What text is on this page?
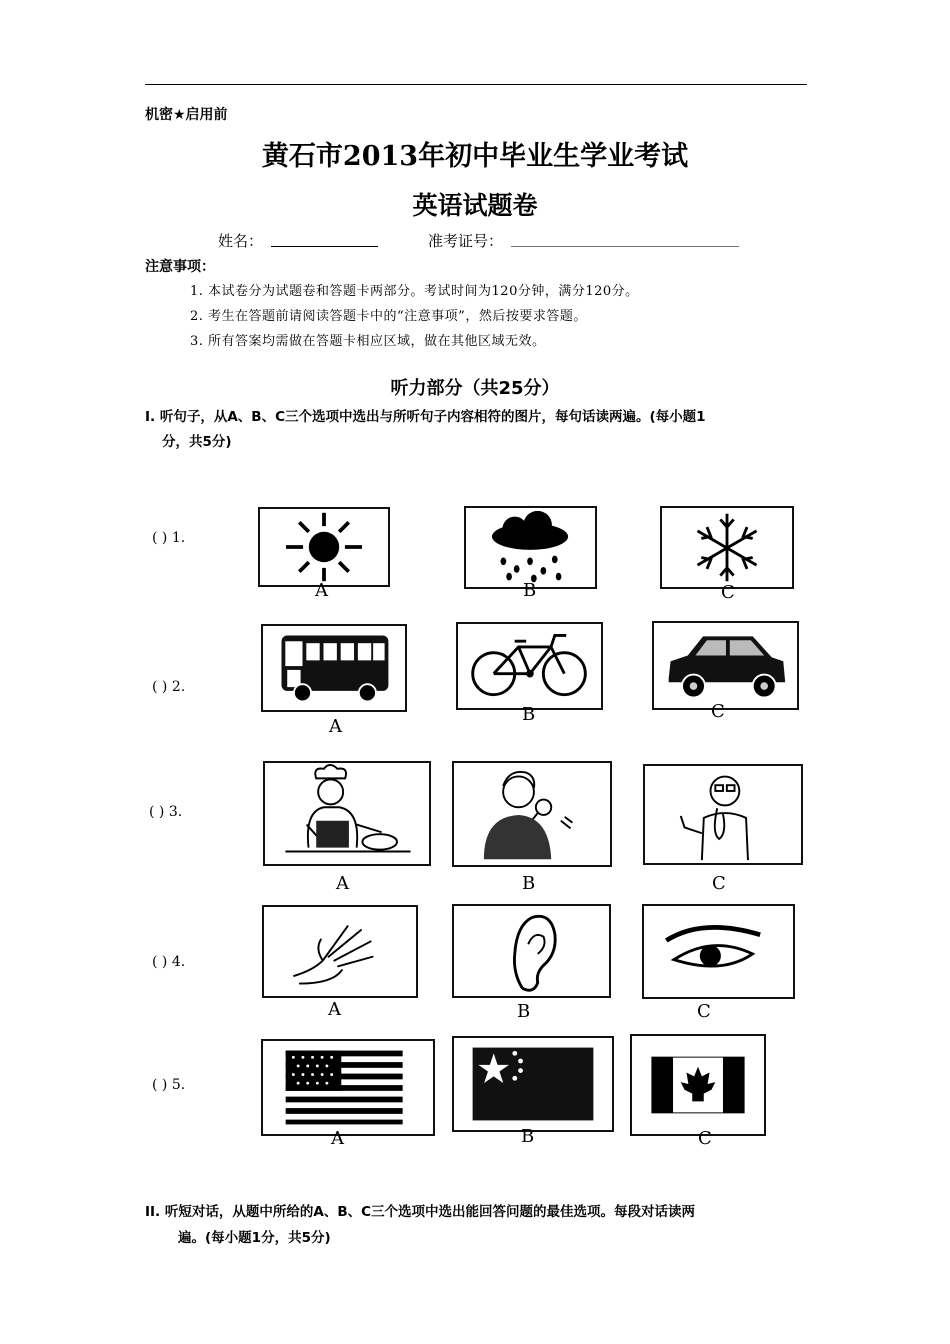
机密★启用前
黄石市2013年初中毕业生学业考试
英语试题卷
姓名：	准考证号：
注意事项：
1. 本试卷分为试题卷和答题卡两部分。考试时间为120分钟，满分120分。
2. 考生在答题前请阅读答题卡中的“注意事项”，然后按要求答题。
3. 所有答案均需做在答题卡相应区域，做在其他区域无效。
听力部分（共25分）
I. 听句子，从A、B、C三个选项中选出与所听句子内容相符的图片，每句话读两遍。(每小题1
分，共5分)
( ) 1.
A	B	C
( ) 2.
A
B	C
( ) 3.
A	B	C
( ) 4.
A	B	C
( ) 5.
A	B	C
II. 听短对话，从题中所给的A、B、C三个选项中选出能回答问题的最佳选项。每段对话读两
遍。(每小题1分，共5分)
